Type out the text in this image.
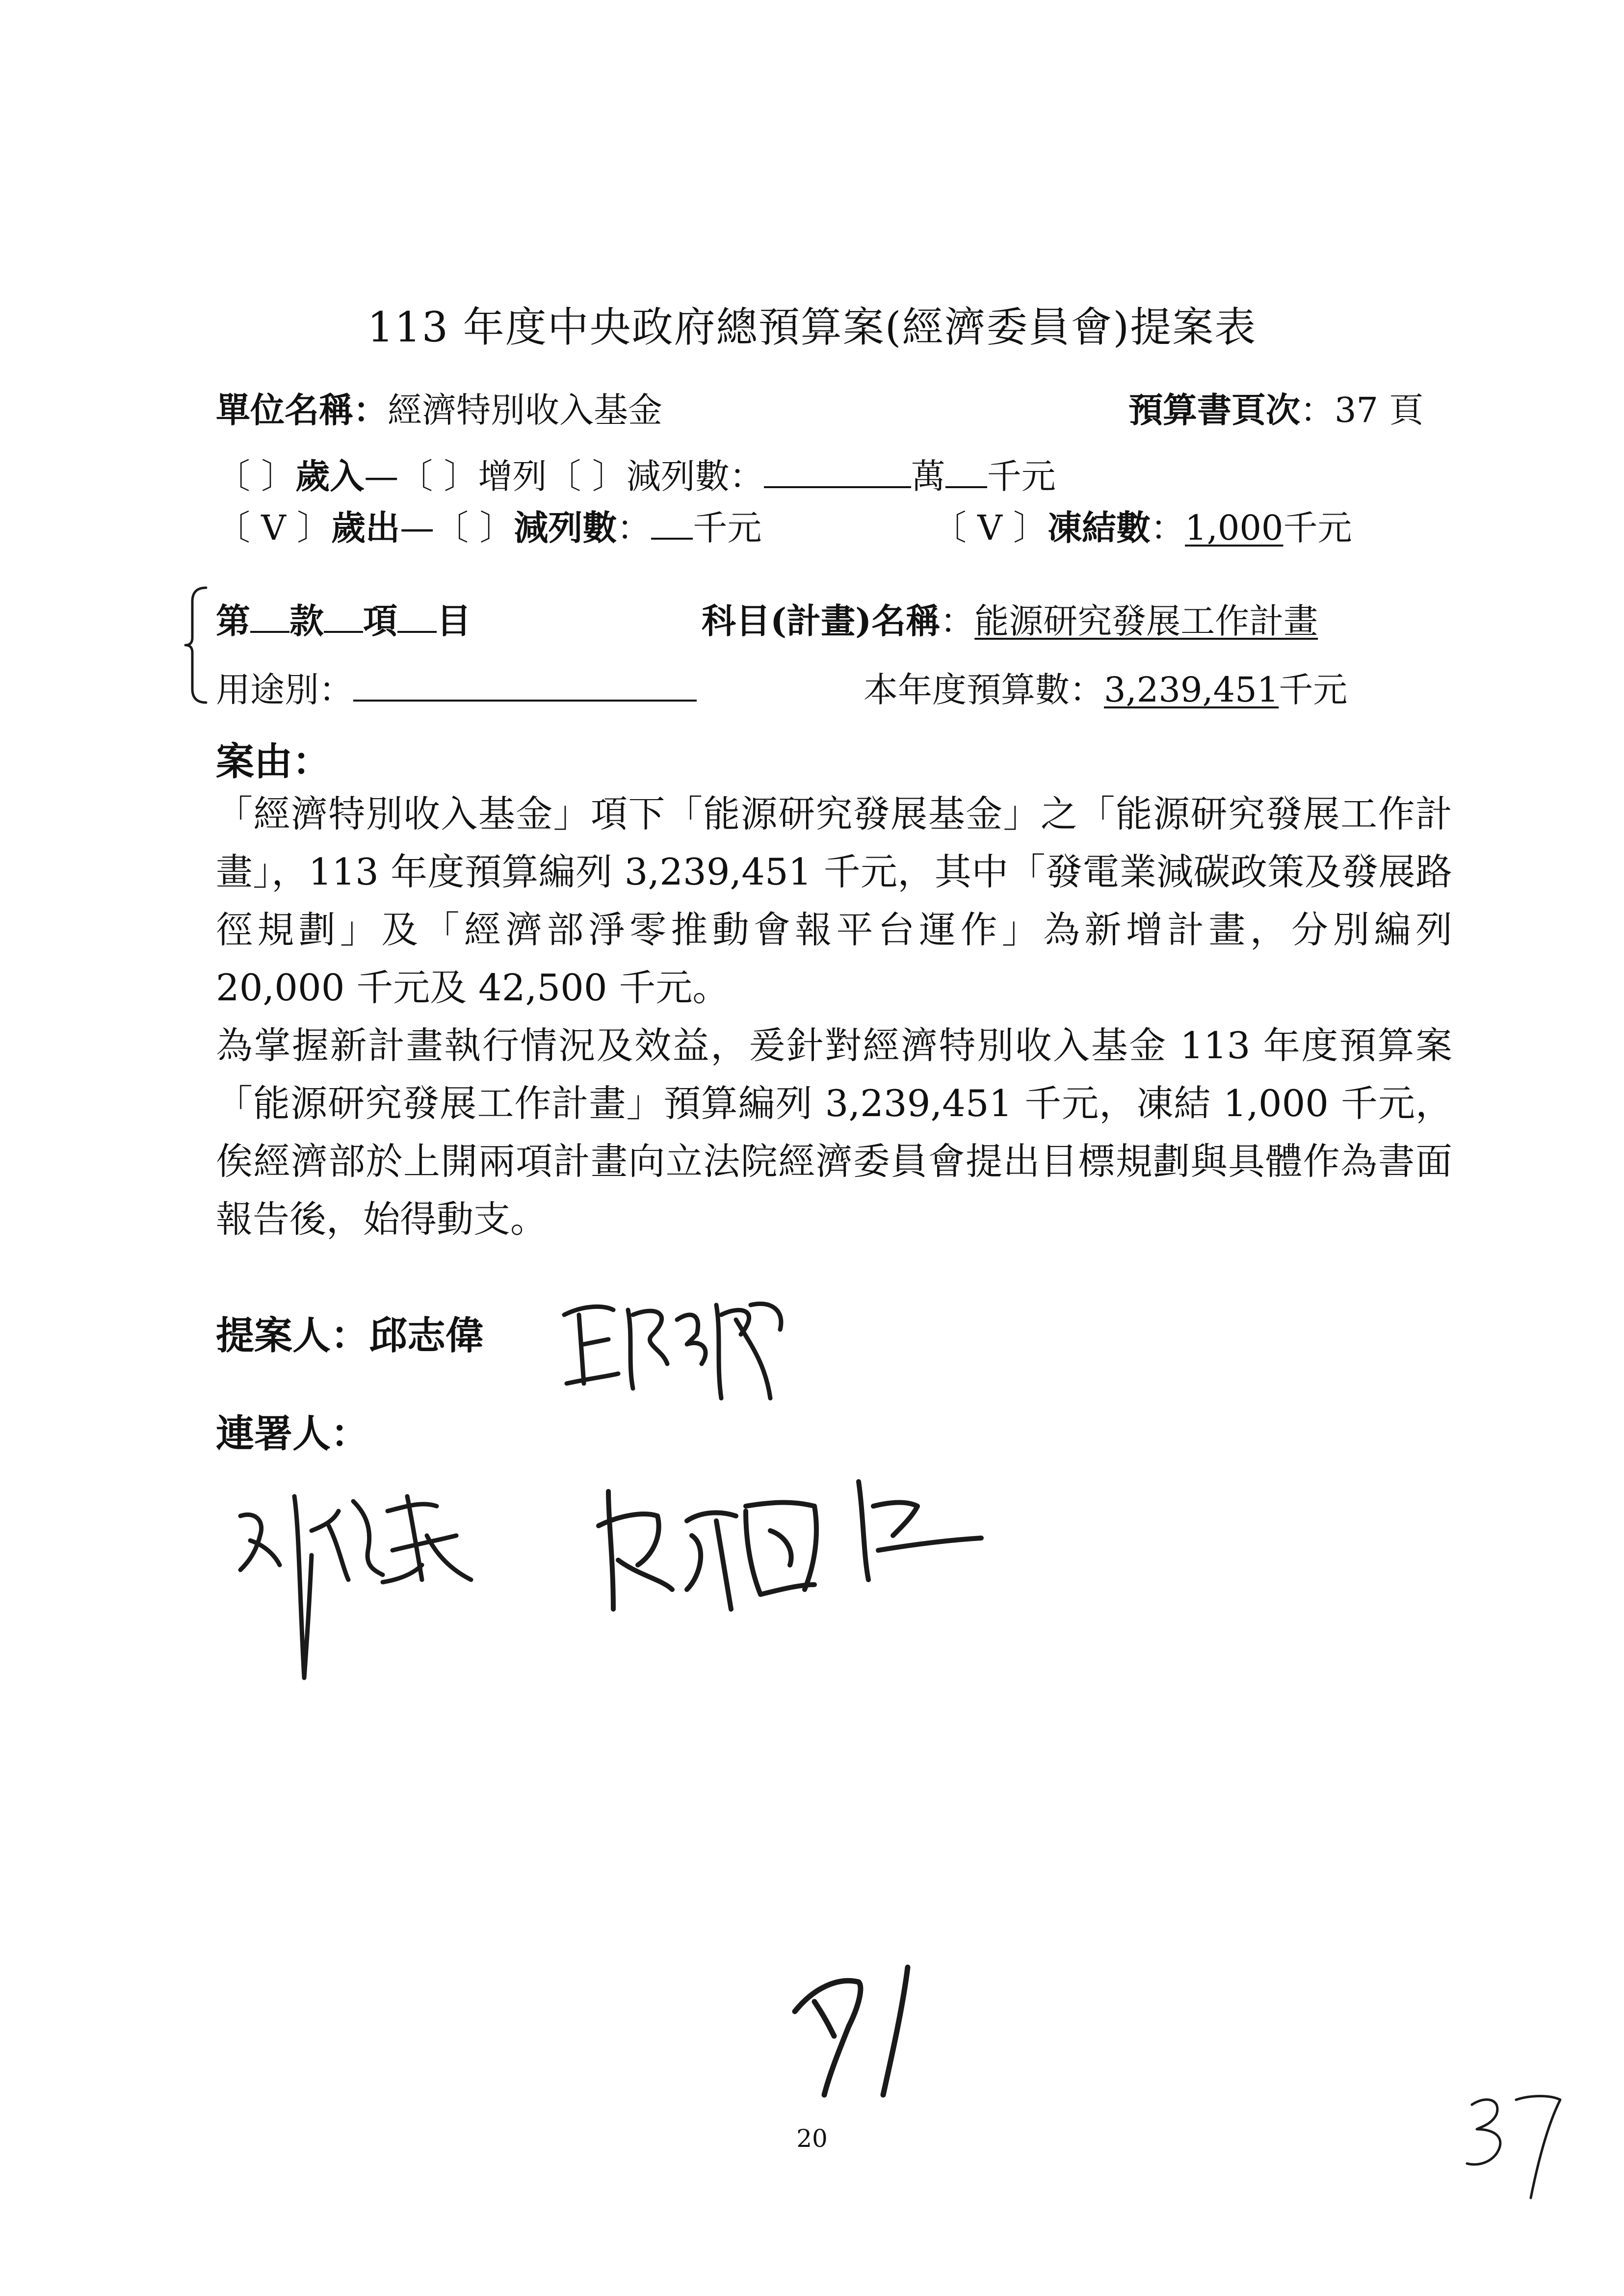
113 年度中央政府總預算案(經濟委員會)提案表
單位名稱：經濟特別收入基金	預算書頁次：37 頁
〔 〕歲入—〔 〕增列〔 〕減列數：	萬 千元
〔 V 〕歲出—〔 〕減列數： 千元	〔 V 〕凍結數：1,000千元
第 款 項 目	科目(計畫)名稱：能源研究發展工作計畫
用途別：	本年度預算數：3,239,451千元
案由：

「經濟特別收入基金」項下「能源研究發展基金」之「能源研究發展工作計畫」，113 年度預算編列 3,239,451 千元，其中「發電業減碳政策及發展路徑規劃」及「經濟部淨零推動會報平台運作」為新增計畫，分別編列 20,000 千元及 42,500 千元。

為掌握新計畫執行情況及效益，爰針對經濟特別收入基金 113 年度預算案「能源研究發展工作計畫」預算編列 3,239,451 千元，凍結 1,000 千元，俟經濟部於上開兩項計畫向立法院經濟委員會提出目標規劃與具體作為書面報告後，始得動支。

提案人：邱志偉
連署人：
20
